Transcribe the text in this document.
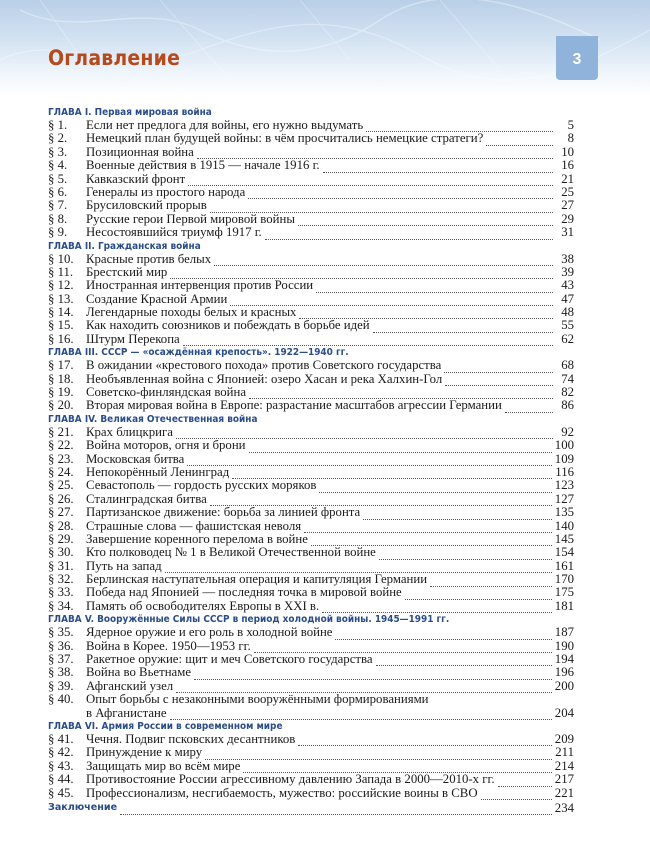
3
Оглавление
ГЛАВА I. Первая мировая война
§ 1.	Если нет предлога для войны, его нужно выдумать	5
§ 2.	Немецкий план будущей войны: в чём просчитались немецкие стратеги?	8
§ 3.	Позиционная война	10
§ 4.	Военные действия в 1915 — начале 1916 г.	16
§ 5.	Кавказский фронт	21
§ 6.	Генералы из простого народа	25
§ 7.	Брусиловский прорыв	27
§ 8.	Русские герои Первой мировой войны	29
§ 9.	Несостоявшийся триумф 1917 г.	31
ГЛАВА II. Гражданская война
§ 10. Красные против белых	38
§ 11.	Брестский мир	39
§ 12. Иностранная интервенция против России	43
§ 13. Создание Красной Армии	47
§ 14. Легендарные походы белых и красных	48
§ 15. Как находить союзников и побеждать в борьбе идей	55
§ 16. Штурм Перекопа	62
ГЛАВА III. СССР — «осаждённая крепость». 1922—1940 гг.
§ 17. В ожидании «крестового похода» против Советского государства	68
§ 18. Необъявленная война с Японией: озеро Хасан и река Халхин-Гол	74
§ 19. Советско-финляндская война	82
§ 20. Вторая мировая война в Европе: разрастание масштабов агрессии Германии	86
ГЛАВА IV. Великая Отечественная война
§ 21. Крах блицкрига	92
§ 22. Война моторов, огня и брони	100
§ 23. Московская битва	109
§ 24. Непокорённый Ленинград	116
§ 25. Севастополь — гордость русских моряков	123
§ 26. Сталинградская битва	127
§ 27. Партизанское движение: борьба за линией фронта	135
§ 28. Страшные слова — фашистская неволя	140
§ 29. Завершение коренного перелома в войне	145
§ 30. Кто полководец № 1 в Великой Отечественной войне	154
§ 31. Путь на запад	161
§ 32. Берлинская наступательная операция и капитуляция Германии	170
§ 33. Победа над Японией — последняя точка в мировой войне	175
§ 34. Память об освободителях Европы в XXI в.	181
ГЛАВА V. Вооружённые Силы СССР в период холодной войны. 1945—1991 гг.
§ 35. Ядерное оружие и его роль в холодной войне	187
§ 36. Война в Корее. 1950—1953 гг.	190
§ 37. Ракетное оружие: щит и меч Советского государства	194
§ 38. Война во Вьетнаме	196
§ 39. Афганский узел	200
§ 40. Опыт борьбы с незаконными вооружёнными формированиями
в Афганистане	204
ГЛАВА VI. Армия России в современном мире
§ 41. Чечня. Подвиг псковских десантников	209
§ 42. Принуждение к миру	211
§ 43. Защищать мир во всём мире	214
§ 44. Противостояние России агрессивному давлению Запада в 2000—2010-х гг.	217
§ 45. Профессионализм, несгибаемость, мужество: российские воины в СВО	221
Заключение	234
